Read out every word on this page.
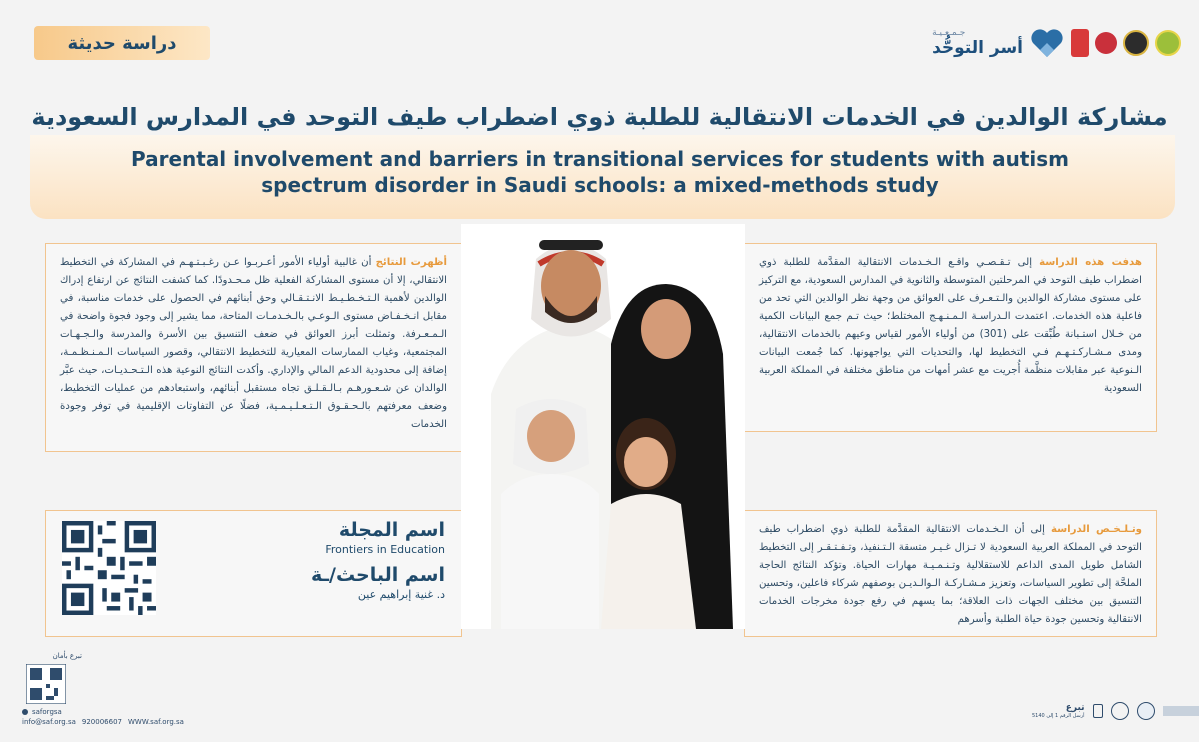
دراسة حديثة	جـمـعـيـة
أسر التوحُّد
مشاركة الوالدين في الخدمات الانتقالية للطلبة ذوي اضطراب طيف التوحد في المدارس السعودية
Parental involvement and barriers in transitional services for students with autism
spectrum disorder in Saudi schools: a mixed-methods study
أظهرت النتائج أن غالبية أولياء الأمور أعـربـوا عـن رغـبـتـهـم في المشاركة في التخطيط الانتقالي، إلا أن مستوى المشاركة الفعلية ظل مـحـدودًا. كما كشفت النتائج عن ارتفاع إدراك الوالدين لأهمية الـتـخـطـيـط الانـتـقـالي وحق أبنائهم في الحصول على خدمات مناسبة، في مقابل انـخـفـاض مستوى الـوعـي بالـخـدمـات المتاحة، مما يشير إلى وجود فجوة واضحة في الـمـعـرفة. وتمثلت أبرز العوائق في ضعف التنسيق بين الأسرة والمدرسة والـجـهـات المجتمعية، وغياب الممارسات المعيارية للتخطيط الانتقالي، وقصور السياسات الـمـنـظـمـة، إضافة إلى محدودية الدعم المالي والإداري. وأكدت النتائج النوعية هذه الـتـحـديـات، حيث عبَّر الوالدان عن شـعـورهـم بـالـقـلـق تجاه مستقبل أبنائهم، واستبعادهم من عمليات التخطيط، وضعف معرفتهم بالـحـقـوق الـتـعـلـيـمـية، فضلًا عن التفاوتات الإقليمية في توفر وجودة الخدمات
هدفت هذه الدراسة إلى تـقـصـي واقـع الـخـدمات الانتقالية المقدَّمة للطلبة ذوي اضطراب طيف التوحد في المرحلتين المتوسطة والثانوية في المدارس السعودية، مع التركيز على مستوى مشاركة الوالدين والـتـعـرف على العوائق من وجهة نظر الوالدين التي تحد من فاعلية هذه الخدمات. اعتمدت الـدراسـة الـمـنـهـج المختلط؛ حيث تـم جمع البيانات الكمية من خـلال استـبانة طُبِّقت على (301) من أولياء الأمور لقياس وعيهم بالخدمات الانتقالية، ومدى مـشـاركـتـهـم فـي التخطيط لها، والتحديات التي يواجهونها. كما جُمعت البيانات الـنوعية عبر مقابلات منظَّمة أُجريت مع عشر أمهات من مناطق مختلفة في المملكة العربية السعودية
وتـلـخـص الدراسة إلى أن الـخـدمات الانتقالية المقدَّمة للطلبة ذوي اضطراب طيف التوحد في المملكة العربية السعودية لا تـزال غـيـر متسقة الـتـنفيذ، وتـفـتـقـر إلى التخطيط الشامل طويل المدى الداعم للاستقلالية وتـنـمـيـة مهارات الحياة. وتؤكد النتائج الحاجة الملحَّة إلى تطوير السياسات، وتعزيز مـشـاركـة الـوالـديـن بوصفهم شركاء فاعلين، وتحسين التنسيق بين مختلف الجهات ذات العلاقة؛ بما يسهم في رفع جودة مخرجات الخدمات الانتقالية وتحسين جودة حياة الطلبة وأسرهم
اسم المجلة
Frontiers in Education
اسم الباحث/ـة
د. غنية إبراهيم عين
تبرع بأمان
saforgsa
info@saf.org.sa 920006607 WWW.saf.org.sa
تبرع
أرسل الرقم 1 إلى 5140
